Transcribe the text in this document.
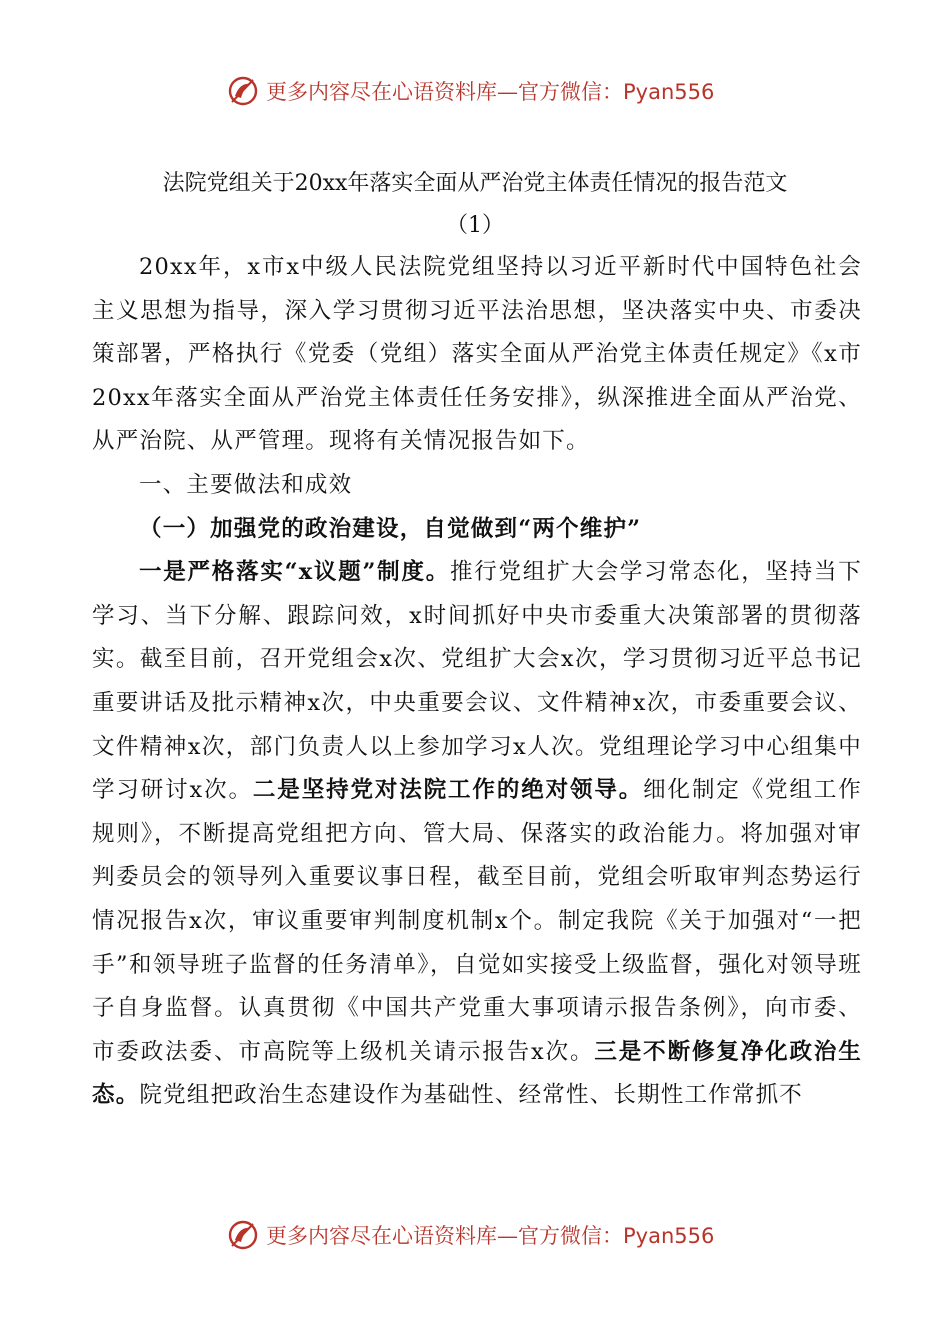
更多内容尽在心语资料库—官方微信：Pyan556
法院党组关于20xx年落实全面从严治党主体责任情况的报告范文
（1）

20xx年，x市x中级人民法院党组坚持以习近平新时代中国特色社会主义思想为指导，深入学习贯彻习近平法治思想，坚决落实中央、市委决策部署，严格执行《党委（党组）落实全面从严治党主体责任规定》《x市20xx年落实全面从严治党主体责任任务安排》，纵深推进全面从严治党、从严治院、从严管理。现将有关情况报告如下。

一、主要做法和成效

（一）加强党的政治建设，自觉做到“两个维护”

一是严格落实“x议题”制度。推行党组扩大会学习常态化，坚持当下学习、当下分解、跟踪问效，x时间抓好中央市委重大决策部署的贯彻落实。截至目前，召开党组会x次、党组扩大会x次，学习贯彻习近平总书记重要讲话及批示精神x次，中央重要会议、文件精神x次，市委重要会议、文件精神x次，部门负责人以上参加学习x人次。党组理论学习中心组集中学习研讨x次。二是坚持党对法院工作的绝对领导。细化制定《党组工作规则》，不断提高党组把方向、管大局、保落实的政治能力。将加强对审判委员会的领导列入重要议事日程，截至目前，党组会听取审判态势运行情况报告x次，审议重要审判制度机制x个。制定我院《关于加强对“一把手”和领导班子监督的任务清单》，自觉如实接受上级监督，强化对领导班子自身监督。认真贯彻《中国共产党重大事项请示报告条例》，向市委、市委政法委、市高院等上级机关请示报告x次。三是不断修复净化政治生态。院党组把政治生态建设作为基础性、经常性、长期性工作常抓不

更多内容尽在心语资料库—官方微信：Pyan556
